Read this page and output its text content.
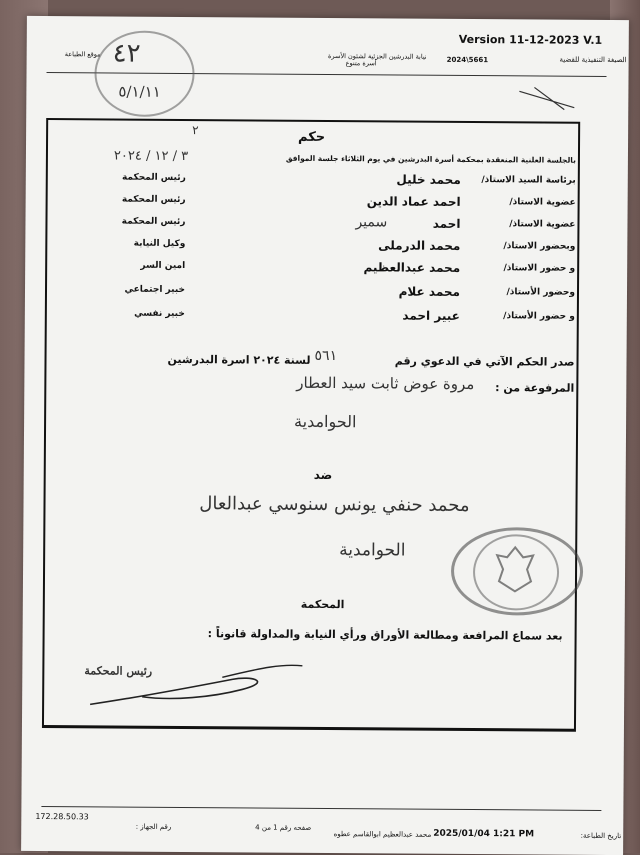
Version 11-12-2023 V.1
الصيغة التنفيذية للقضية
2024\5661
نيابة البدرشين الجزئية لشئون الأسرة
أسرة متنوع
موقع الطباعة ٤٢
٥/١/١١
حكم
٢
بالجلسة العلنية المنعقدة بمحكمة أسرة البدرشين في يوم الثلاثاء جلسة الموافق
٣ / ١٢ / ٢٠٢٤
برئاسة السيد الاستاذ/
محمد خليل
رئيس المحكمة
عضوية الاستاذ/
احمد عماد الدين
رئيس المحكمة
عضوية الاستاذ/
احمد
سمير
رئيس المحكمة
وبحضور الاستاذ/
محمد الدرملى
وكيل النيابة
و حضور الاستاذ/
محمد عبدالعظيم
امين السر
وحضور الأستاذ/
محمد علام
خبير اجتماعي
و حضور الأستاذ/
عبير احمد
خبير نفسي
صدر الحكم الآتي في الدعوي رقم
٥٦١
لسنة ٢٠٢٤ اسرة البدرشين
المرفوعة من :
مروة عوض ثابت سيد العطار
الحوامدية
ضد
محمد حنفي يونس سنوسي عبدالعال
الحوامدية
المحكمة
بعد سماع المرافعة ومطالعة الأوراق ورأي النيابة والمداولة قانوناً :
رئيس المحكمة
172.28.50.33
رقم الجهاز :	صفحه رقم 1 من 4
2025/01/04 1:21 PM
محمد عبدالعظيم ابوالقاسم عطوه	تاريخ الطباعة:
